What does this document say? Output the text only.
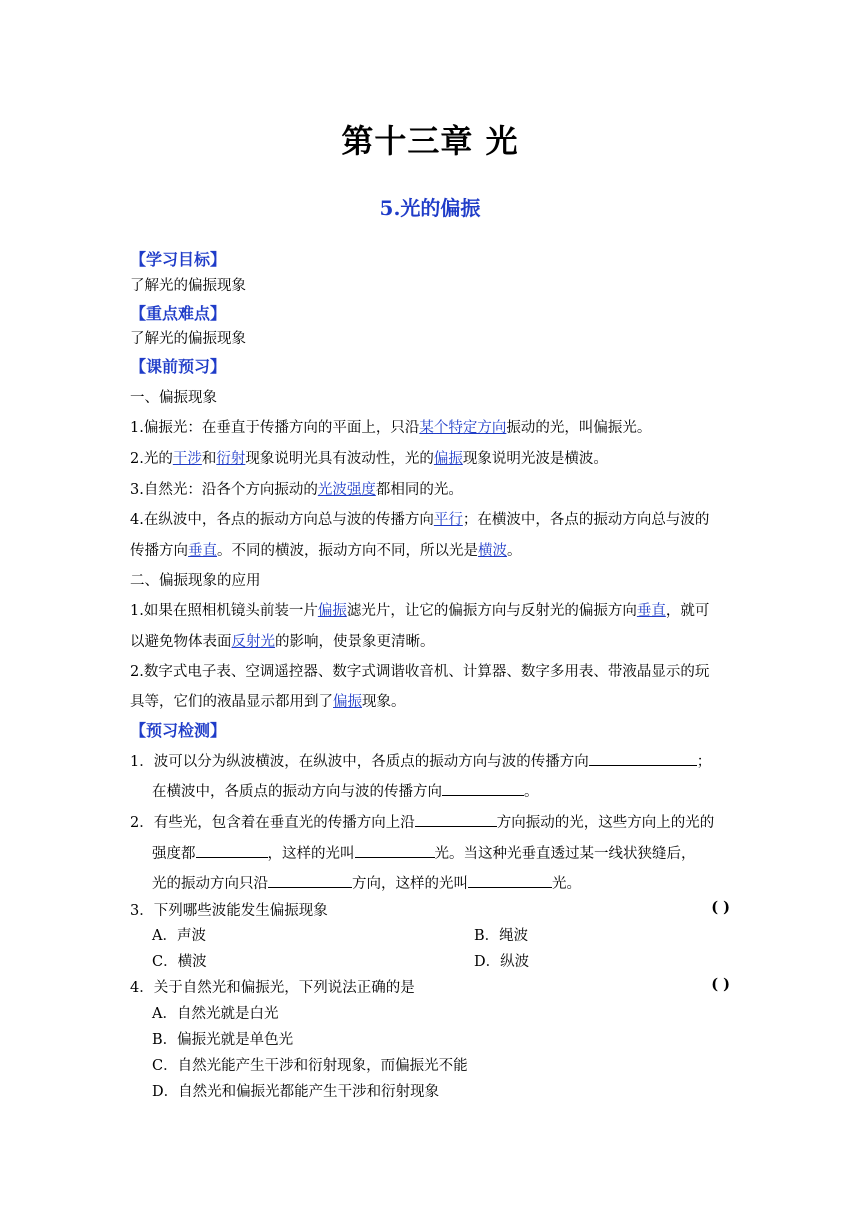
第十三章 光
5.光的偏振
【学习目标】
了解光的偏振现象
【重点难点】
了解光的偏振现象
【课前预习】
一、偏振现象
1.偏振光：在垂直于传播方向的平面上，只沿某个特定方向振动的光，叫偏振光。
2.光的干涉和衍射现象说明光具有波动性，光的偏振现象说明光波是横波。
3.自然光：沿各个方向振动的光波强度都相同的光。
4.在纵波中，各点的振动方向总与波的传播方向平行；在横波中，各点的振动方向总与波的
传播方向垂直。不同的横波，振动方向不同，所以光是横波。
二、偏振现象的应用
1.如果在照相机镜头前装一片偏振滤光片，让它的偏振方向与反射光的偏振方向垂直，就可
以避免物体表面反射光的影响，使景象更清晰。
2.数字式电子表、空调遥控器、数字式调谐收音机、计算器、数字多用表、带液晶显示的玩
具等，它们的液晶显示都用到了偏振现象。
【预习检测】
1．波可以分为纵波横波，在纵波中，各质点的振动方向与波的传播方向	；
在横波中，各质点的振动方向与波的传播方向	。
2．有些光，包含着在垂直光的传播方向上沿	方向振动的光，这些方向上的光的
强度都	，这样的光叫	光。当这种光垂直透过某一线状狭缝后，
光的振动方向只沿	方向，这样的光叫	光。
3．下列哪些波能发生偏振现象	( )
A．声波	B．绳波
C．横波	D．纵波
4．关于自然光和偏振光，下列说法正确的是	( )
A．自然光就是白光
B．偏振光就是单色光
C．自然光能产生干涉和衍射现象，而偏振光不能
D．自然光和偏振光都能产生干涉和衍射现象
